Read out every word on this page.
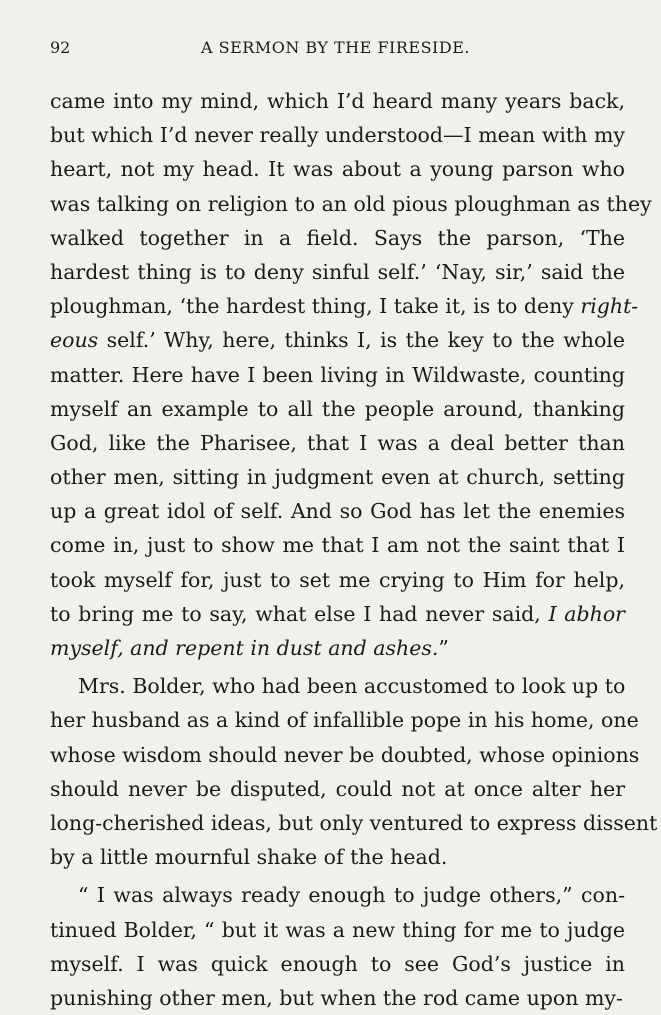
92	A SERMON BY THE FIRESIDE.
came into my mind, which I’d heard many years back,
but which I’d never really understood—I mean with my
heart, not my head. It was about a young parson who
was talking on religion to an old pious ploughman as they
walked together in a field. Says the parson, ‘The
hardest thing is to deny sinful self.’ ‘Nay, sir,’ said the
ploughman, ‘the hardest thing, I take it, is to deny right-
eous self.’ Why, here, thinks I, is the key to the whole
matter. Here have I been living in Wildwaste, counting
myself an example to all the people around, thanking
God, like the Pharisee, that I was a deal better than
other men, sitting in judgment even at church, setting
up a great idol of self. And so God has let the enemies
come in, just to show me that I am not the saint that I
took myself for, just to set me crying to Him for help,
to bring me to say, what else I had never said, I abhor
myself, and repent in dust and ashes.”
Mrs. Bolder, who had been accustomed to look up to
her husband as a kind of infallible pope in his home, one
whose wisdom should never be doubted, whose opinions
should never be disputed, could not at once alter her
long-cherished ideas, but only ventured to express dissent
by a little mournful shake of the head.
“ I was always ready enough to judge others,” con-
tinued Bolder, “ but it was a new thing for me to judge
myself. I was quick enough to see God’s justice in
punishing other men, but when the rod came upon my-
